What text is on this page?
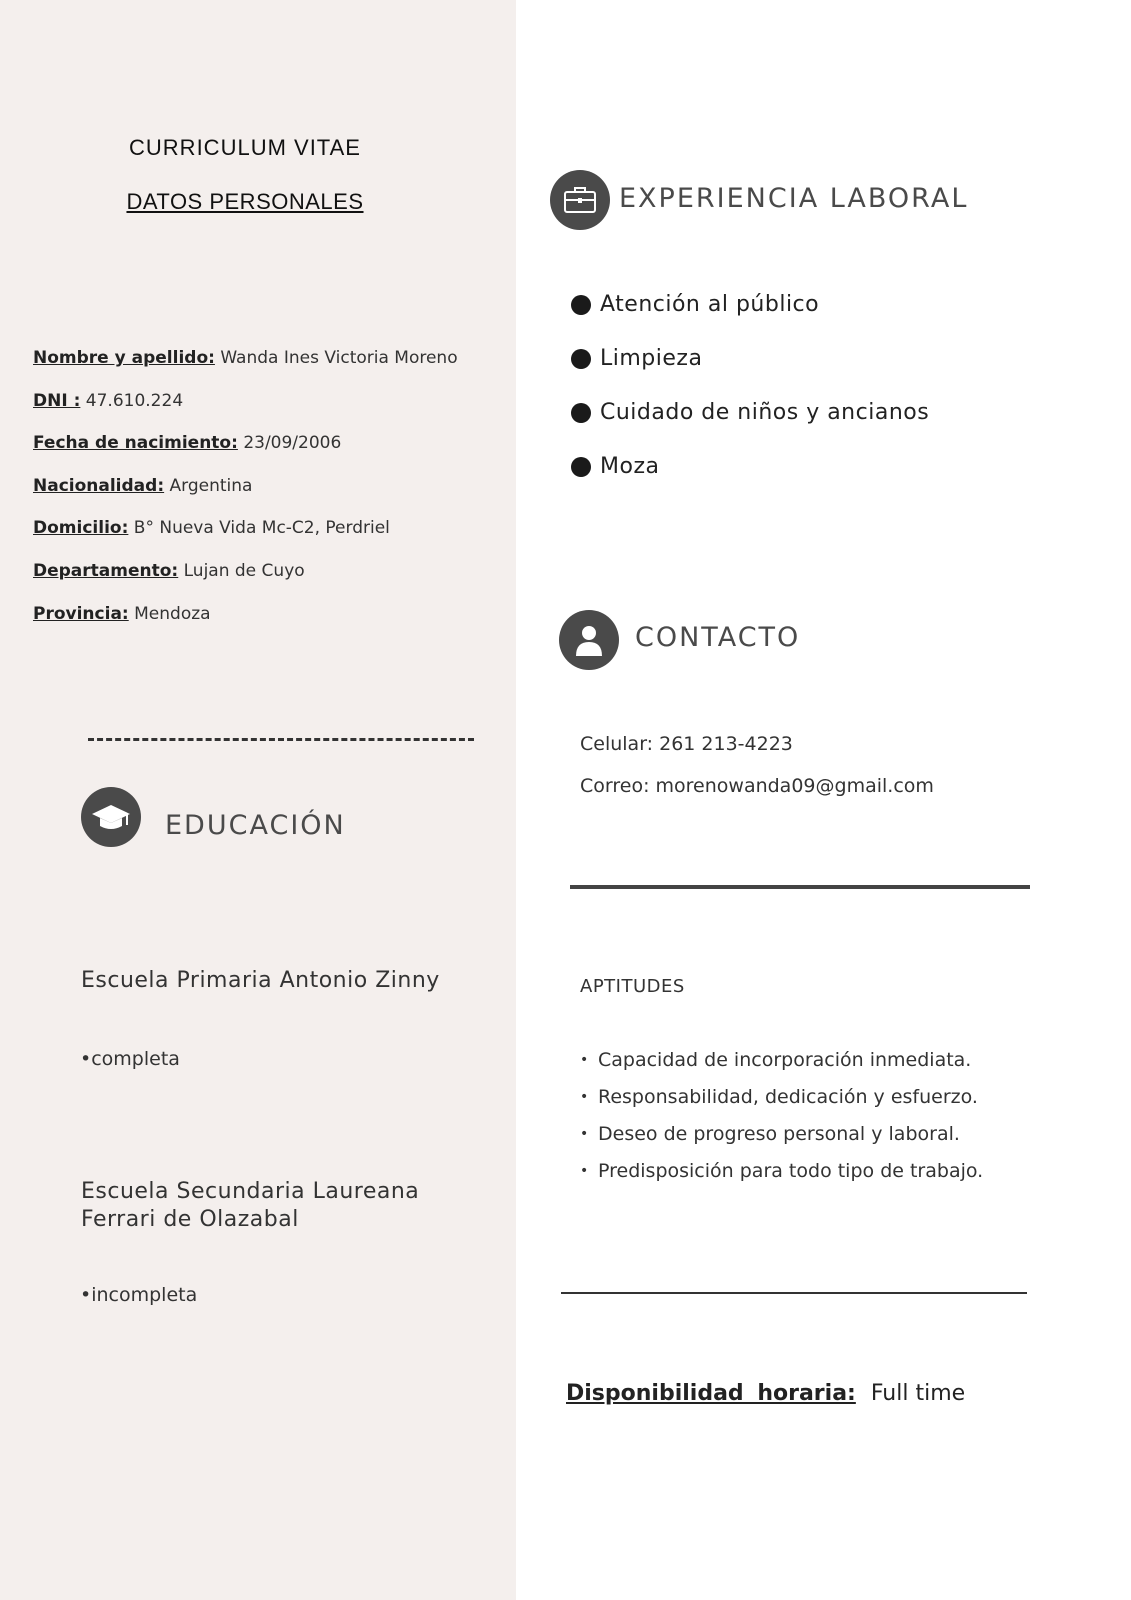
CURRICULUM VITAE
DATOS PERSONALES
Nombre y apellido: Wanda Ines Victoria Moreno
DNI : 47.610.224
Fecha de nacimiento: 23/09/2006
Nacionalidad: Argentina
Domicilio: B° Nueva Vida Mc-C2, Perdriel
Departamento: Lujan de Cuyo
Provincia: Mendoza
EDUCACIÓN
Escuela Primaria Antonio Zinny
•completa
Escuela Secundaria Laureana
Ferrari de Olazabal
•incompleta
EXPERIENCIA LABORAL
Atención al público
Limpieza
Cuidado de niños y ancianos
Moza
CONTACTO
Celular: 261 213-4223
Correo: morenowanda09@gmail.com
APTITUDES
• Capacidad de incorporación inmediata.
• Responsabilidad, dedicación y esfuerzo.
• Deseo de progreso personal y laboral.
• Predisposición para todo tipo de trabajo.
Disponibilidad horaria: Full time
